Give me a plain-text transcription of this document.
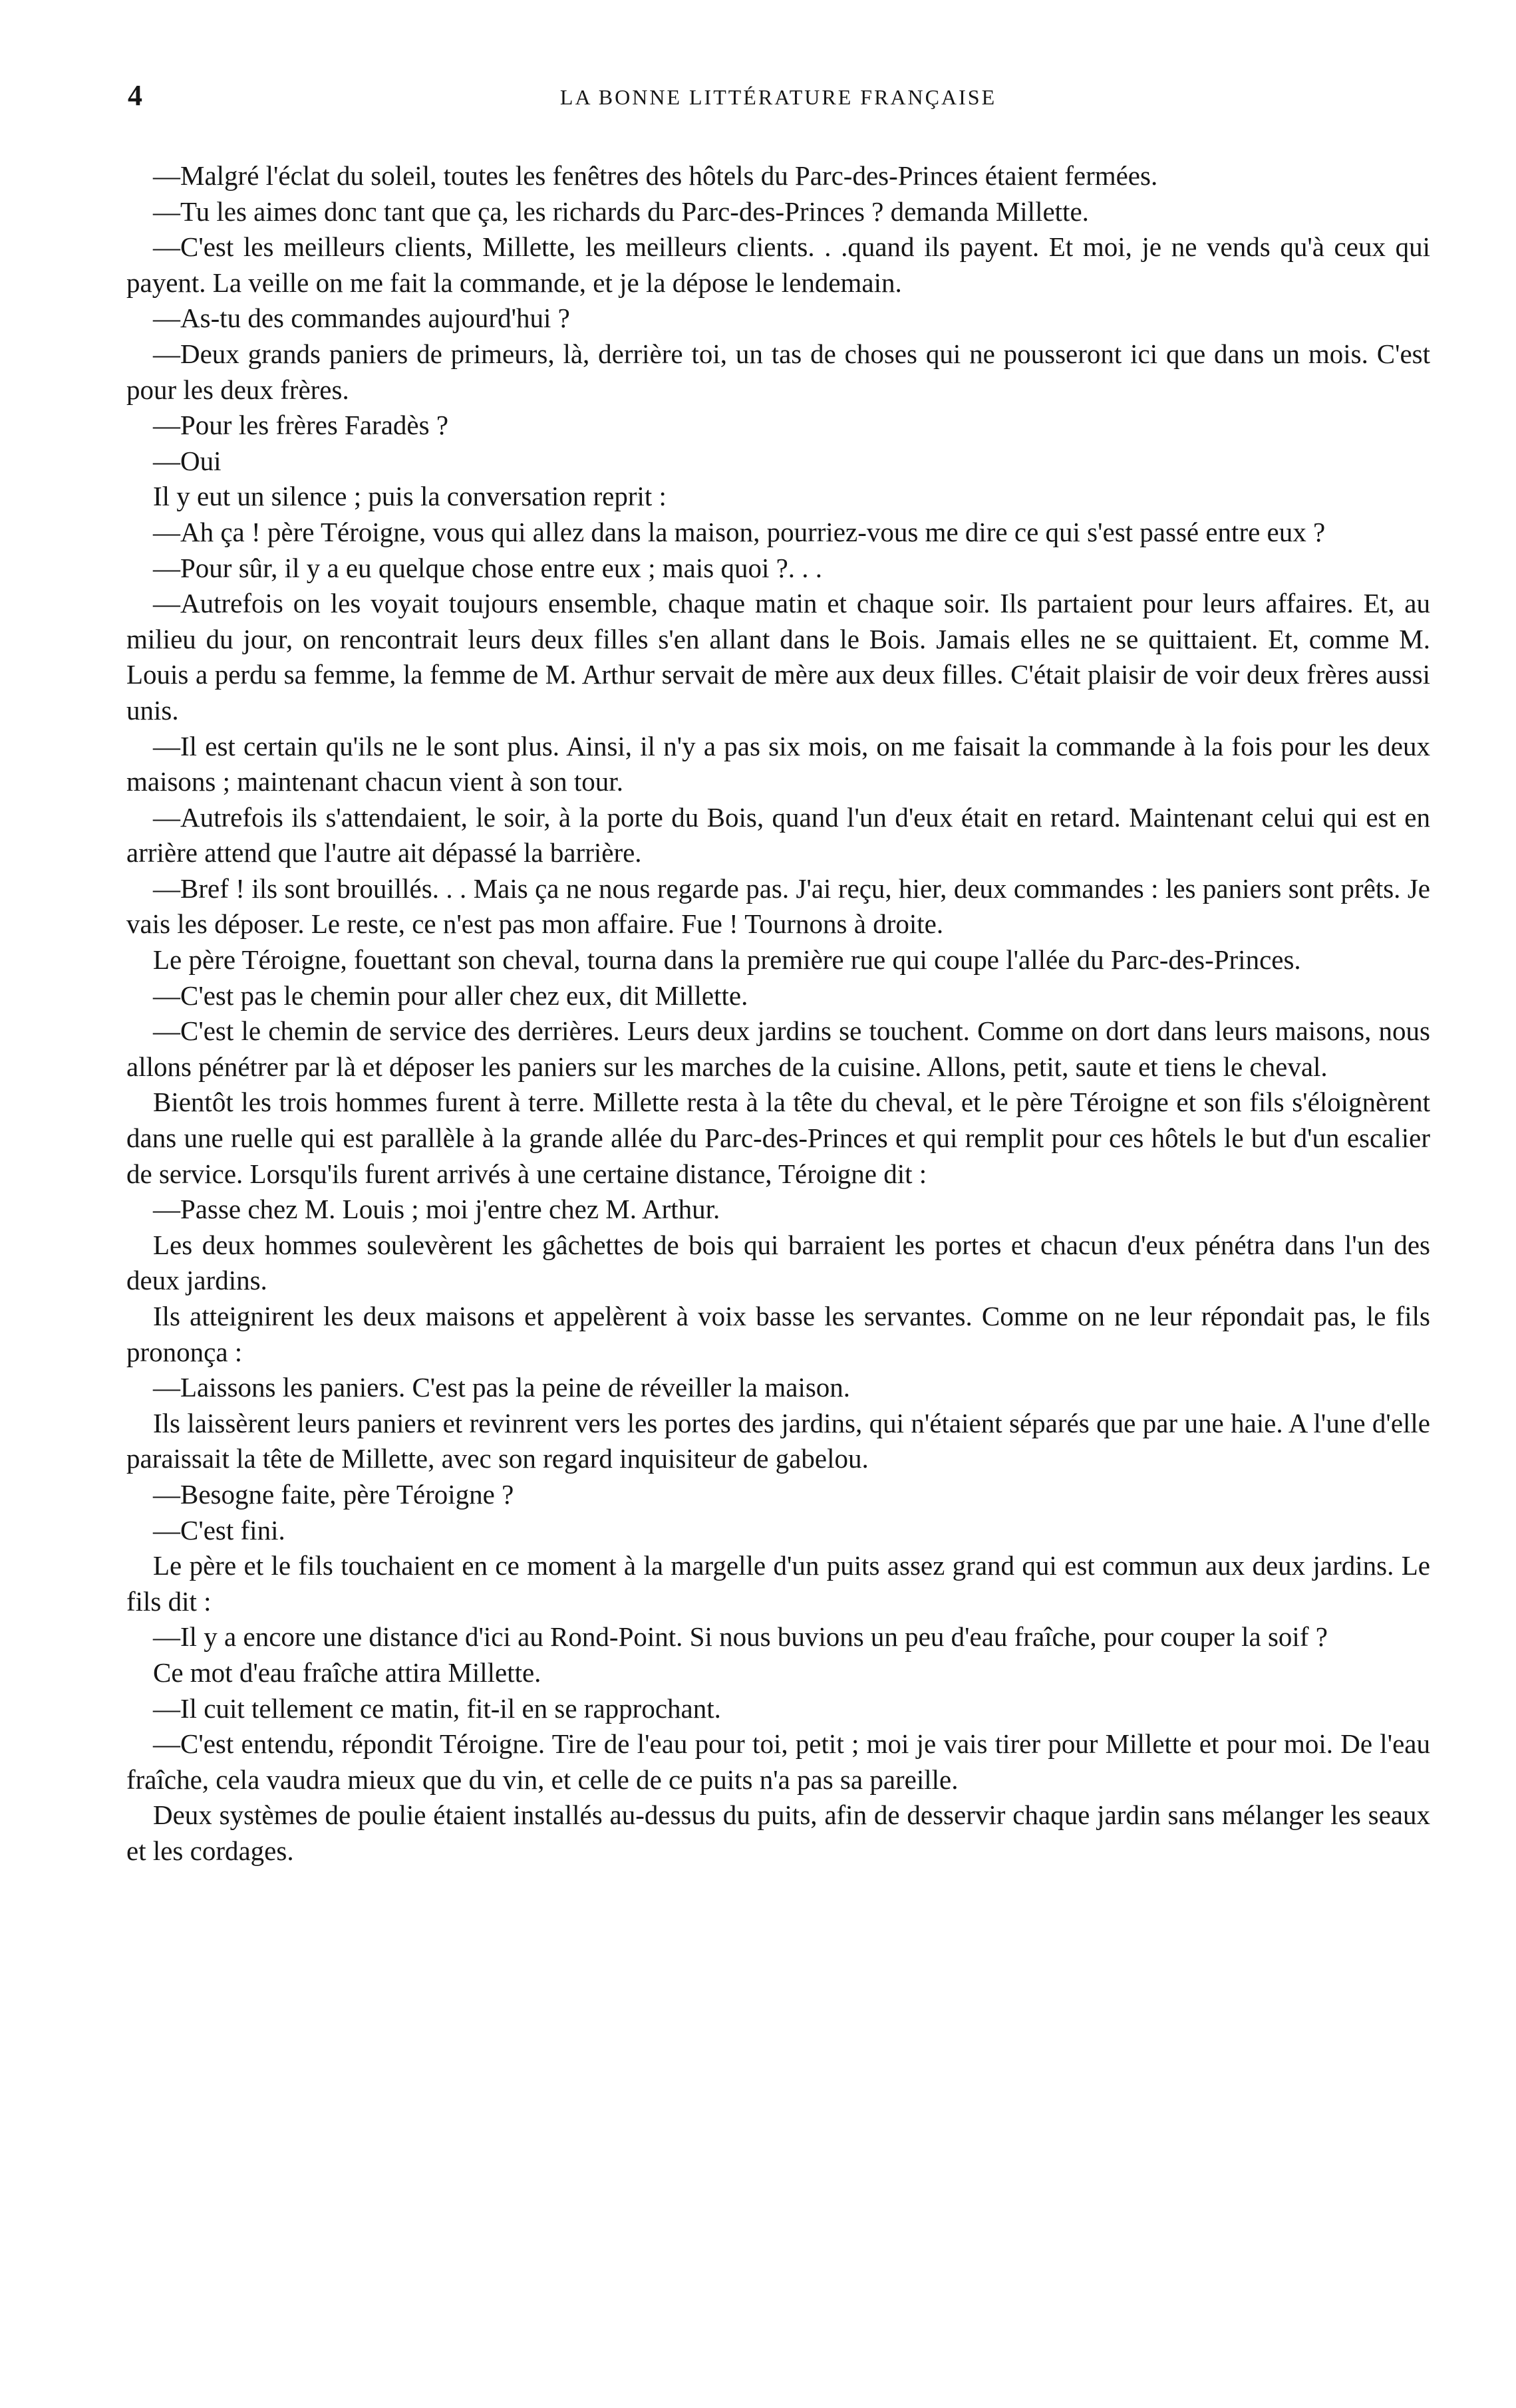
4	LA BONNE LITTÉRATURE FRANÇAISE

—Malgré l'éclat du soleil, toutes les fenêtres des hôtels du Parc-des-Princes étaient fermées.

—Tu les aimes donc tant que ça, les richards du Parc-des-Princes ? demanda Millette.

—C'est les meilleurs clients, Millette, les meilleurs clients. . .quand ils payent. Et moi, je ne vends qu'à ceux qui payent. La veille on me fait la commande, et je la dépose le lendemain.

—As-tu des commandes aujourd'hui ?

—Deux grands paniers de primeurs, là, derrière toi, un tas de choses qui ne pousseront ici que dans un mois. C'est pour les deux frères.

—Pour les frères Faradès ?

—Oui

Il y eut un silence ; puis la conversation reprit :

—Ah ça ! père Téroigne, vous qui allez dans la maison, pourriez-vous me dire ce qui s'est passé entre eux ?

—Pour sûr, il y a eu quelque chose entre eux ; mais quoi ?. . .

—Autrefois on les voyait toujours ensemble, chaque matin et chaque soir. Ils partaient pour leurs affaires. Et, au milieu du jour, on rencontrait leurs deux filles s'en allant dans le Bois. Jamais elles ne se quittaient. Et, comme M. Louis a perdu sa femme, la femme de M. Arthur servait de mère aux deux filles. C'était plaisir de voir deux frères aussi unis.

—Il est certain qu'ils ne le sont plus. Ainsi, il n'y a pas six mois, on me faisait la commande à la fois pour les deux maisons ; maintenant chacun vient à son tour.

—Autrefois ils s'attendaient, le soir, à la porte du Bois, quand l'un d'eux était en retard. Maintenant celui qui est en arrière attend que l'autre ait dépassé la barrière.

—Bref ! ils sont brouillés. . . Mais ça ne nous regarde pas. J'ai reçu, hier, deux commandes : les paniers sont prêts. Je vais les déposer. Le reste, ce n'est pas mon affaire. Fue ! Tournons à droite.

Le père Téroigne, fouettant son cheval, tourna dans la première rue qui coupe l'allée du Parc-des-Princes.

—C'est pas le chemin pour aller chez eux, dit Millette.

—C'est le chemin de service des derrières. Leurs deux jardins se touchent. Comme on dort dans leurs maisons, nous allons pénétrer par là et déposer les paniers sur les marches de la cuisine. Allons, petit, saute et tiens le cheval.

Bientôt les trois hommes furent à terre. Millette resta à la tête du cheval, et le père Téroigne et son fils s'éloignèrent dans une ruelle qui est parallèle à la grande allée du Parc-des-Princes et qui remplit pour ces hôtels le but d'un escalier de service. Lorsqu'ils furent arrivés à une certaine distance, Téroigne dit :

—Passe chez M. Louis ; moi j'entre chez M. Arthur.

Les deux hommes soulevèrent les gâchettes de bois qui barraient les portes et chacun d'eux pénétra dans l'un des deux jardins.

Ils atteignirent les deux maisons et appelèrent à voix basse les servantes. Comme on ne leur répondait pas, le fils prononça :

—Laissons les paniers. C'est pas la peine de réveiller la maison.

Ils laissèrent leurs paniers et revinrent vers les portes des jardins, qui n'étaient séparés que par une haie. A l'une d'elle paraissait la tête de Millette, avec son regard inquisiteur de gabelou.

—Besogne faite, père Téroigne ?

—C'est fini.

Le père et le fils touchaient en ce moment à la margelle d'un puits assez grand qui est commun aux deux jardins. Le fils dit :

—Il y a encore une distance d'ici au Rond-Point. Si nous buvions un peu d'eau fraîche, pour couper la soif ?

Ce mot d'eau fraîche attira Millette.

—Il cuit tellement ce matin, fit-il en se rapprochant.

—C'est entendu, répondit Téroigne. Tire de l'eau pour toi, petit ; moi je vais tirer pour Millette et pour moi. De l'eau fraîche, cela vaudra mieux que du vin, et celle de ce puits n'a pas sa pareille.

Deux systèmes de poulie étaient installés au-dessus du puits, afin de desservir chaque jardin sans mélanger les seaux et les cordages.
